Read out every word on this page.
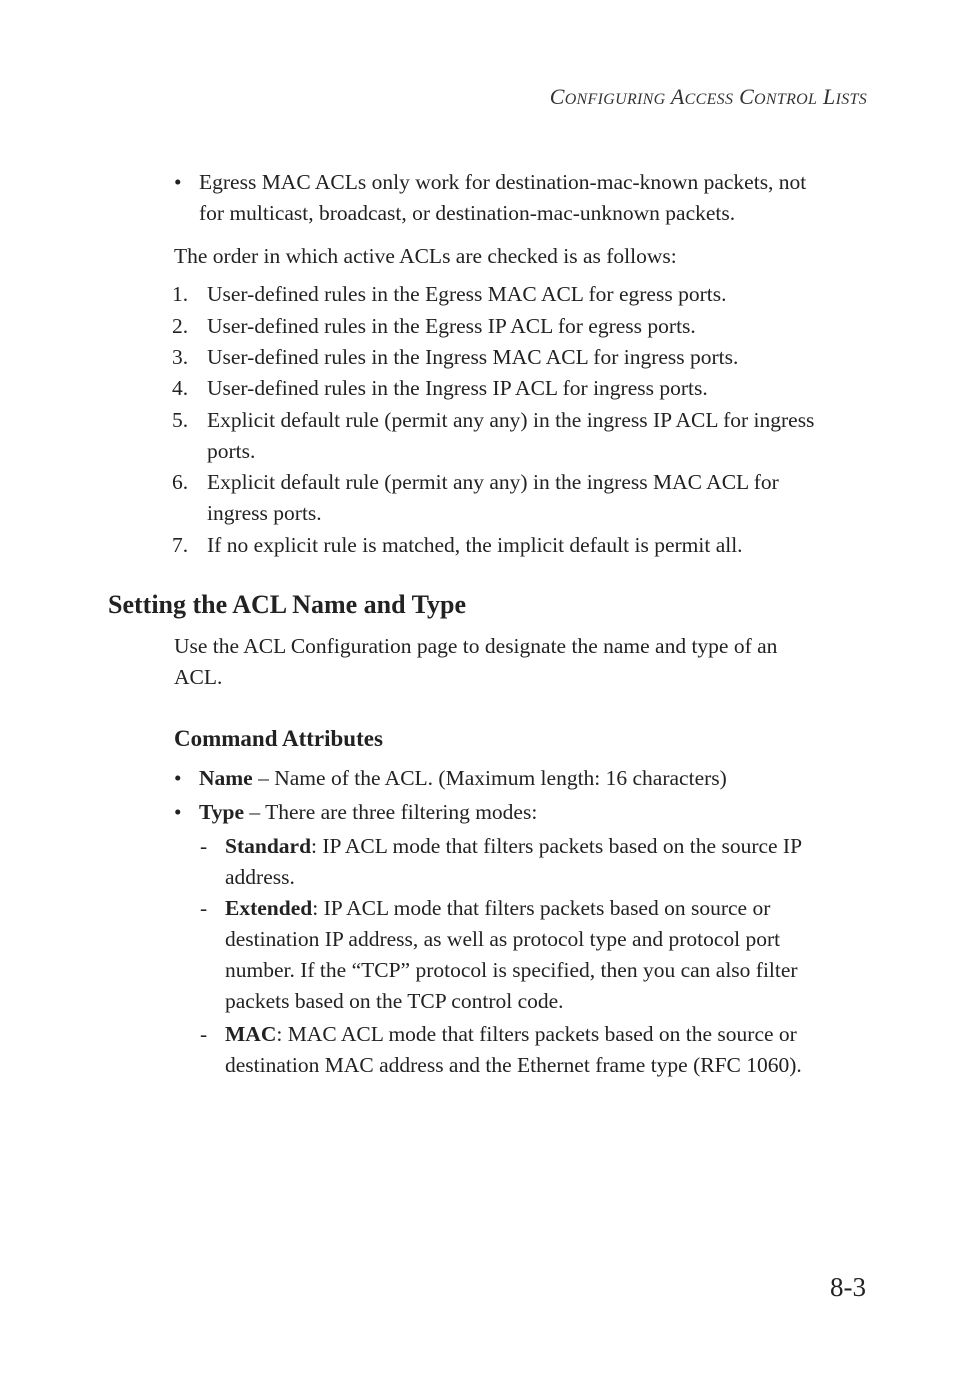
CONFIGURING ACCESS CONTROL LISTS
• Egress MAC ACLs only work for destination-mac-known packets, not
for multicast, broadcast, or destination-mac-unknown packets.
The order in which active ACLs are checked is as follows:
1. User-defined rules in the Egress MAC ACL for egress ports.
2. User-defined rules in the Egress IP ACL for egress ports.
3. User-defined rules in the Ingress MAC ACL for ingress ports.
4. User-defined rules in the Ingress IP ACL for ingress ports.
5. Explicit default rule (permit any any) in the ingress IP ACL for ingress
ports.
6. Explicit default rule (permit any any) in the ingress MAC ACL for
ingress ports.
7. If no explicit rule is matched, the implicit default is permit all.
Setting the ACL Name and Type
Use the ACL Configuration page to designate the name and type of an
ACL.
Command Attributes
• Name – Name of the ACL. (Maximum length: 16 characters)
• Type – There are three filtering modes:
- Standard: IP ACL mode that filters packets based on the source IP
address.
- Extended: IP ACL mode that filters packets based on source or
destination IP address, as well as protocol type and protocol port
number. If the “TCP” protocol is specified, then you can also filter
packets based on the TCP control code.
- MAC: MAC ACL mode that filters packets based on the source or
destination MAC address and the Ethernet frame type (RFC 1060).
8-3
